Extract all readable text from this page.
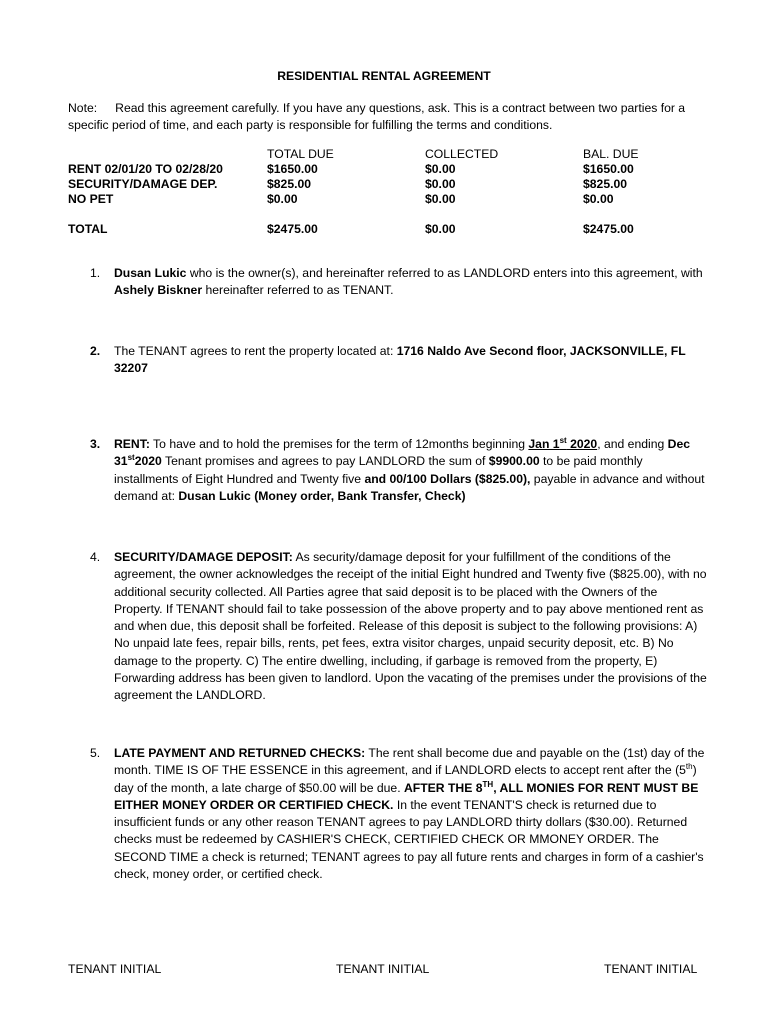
RESIDENTIAL RENTAL AGREEMENT
Note: Read this agreement carefully. If you have any questions, ask. This is a contract between two parties for a specific period of time, and each party is responsible for fulfilling the terms and conditions.
	TOTAL DUE	COLLECTED	BAL. DUE
RENT 02/01/20 TO 02/28/20	$1650.00	$0.00	$1650.00
SECURITY/DAMAGE DEP.	$825.00	$0.00	$825.00
NO PET	$0.00	$0.00	$0.00

TOTAL	$2475.00	$0.00	$2475.00
1. Dusan Lukic who is the owner(s), and hereinafter referred to as LANDLORD enters into this agreement, with Ashely Biskner hereinafter referred to as TENANT.
2. The TENANT agrees to rent the property located at: 1716 Naldo Ave Second floor, JACKSONVILLE, FL 32207
3. RENT: To have and to hold the premises for the term of 12months beginning Jan 1st 2020, and ending Dec 31st2020 Tenant promises and agrees to pay LANDLORD the sum of $9900.00 to be paid monthly installments of Eight Hundred and Twenty five and 00/100 Dollars ($825.00), payable in advance and without demand at: Dusan Lukic (Money order, Bank Transfer, Check)
4. SECURITY/DAMAGE DEPOSIT: As security/damage deposit for your fulfillment of the conditions of the agreement, the owner acknowledges the receipt of the initial Eight hundred and Twenty five ($825.00), with no additional security collected. All Parties agree that said deposit is to be placed with the Owners of the Property. If TENANT should fail to take possession of the above property and to pay above mentioned rent as and when due, this deposit shall be forfeited. Release of this deposit is subject to the following provisions: A) No unpaid late fees, repair bills, rents, pet fees, extra visitor charges, unpaid security deposit, etc. B) No damage to the property. C) The entire dwelling, including, if garbage is removed from the property, E) Forwarding address has been given to landlord. Upon the vacating of the premises under the provisions of the agreement the LANDLORD.
5. LATE PAYMENT AND RETURNED CHECKS: The rent shall become due and payable on the (1st) day of the month. TIME IS OF THE ESSENCE in this agreement, and if LANDLORD elects to accept rent after the (5th) day of the month, a late charge of $50.00 will be due. AFTER THE 8TH, ALL MONIES FOR RENT MUST BE EITHER MONEY ORDER OR CERTIFIED CHECK. In the event TENANT'S check is returned due to insufficient funds or any other reason TENANT agrees to pay LANDLORD thirty dollars ($30.00). Returned checks must be redeemed by CASHIER'S CHECK, CERTIFIED CHECK OR MMONEY ORDER. The SECOND TIME a check is returned; TENANT agrees to pay all future rents and charges in form of a cashier's check, money order, or certified check.
TENANT INITIAL	TENANT INITIAL	TENANT INITIAL
